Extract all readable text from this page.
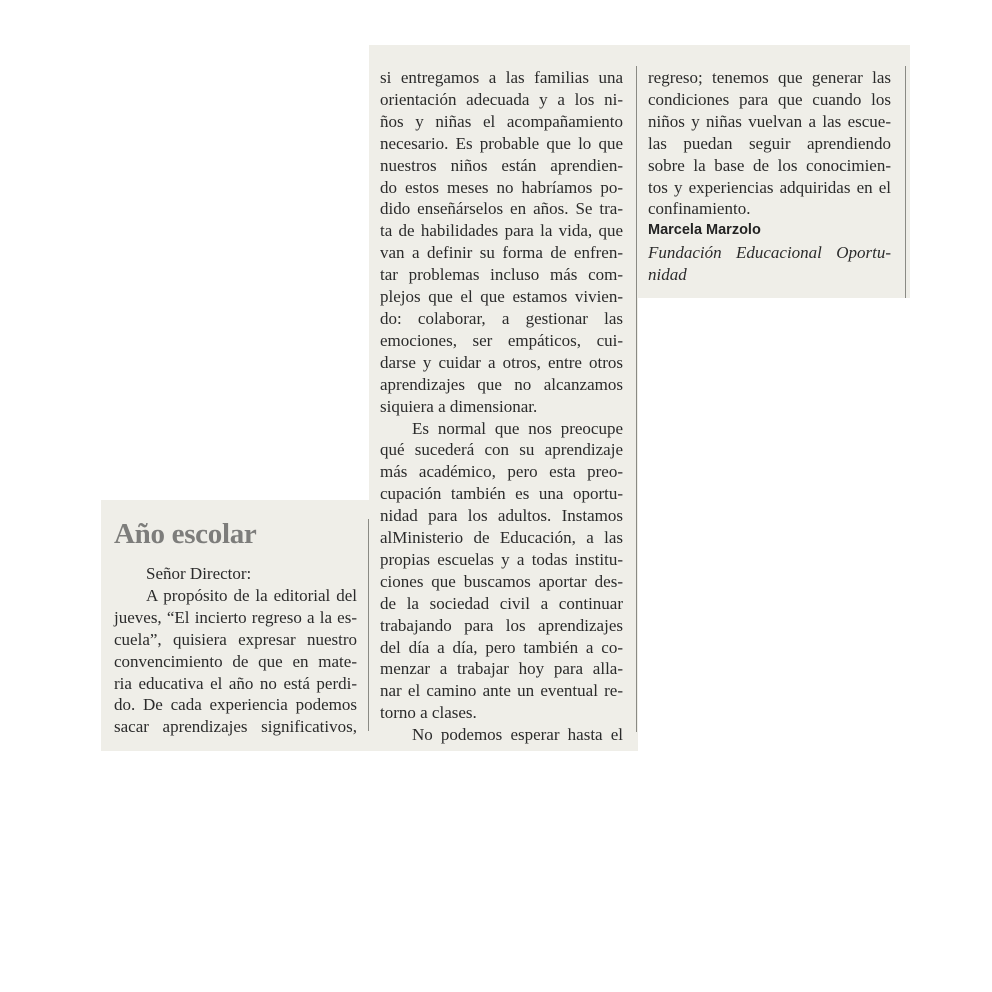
Año escolar
Señor Director:
A propósito de la editorial del
jueves, “El incierto regreso a la es-
cuela”, quisiera expresar nuestro
convencimiento de que en mate-
ria educativa el año no está perdi-
do. De cada experiencia podemos
sacar aprendizajes significativos,
si entregamos a las familias una
orientación adecuada y a los ni-
ños y niñas el acompañamiento
necesario. Es probable que lo que
nuestros niños están aprendien-
do estos meses no habríamos po-
dido enseñárselos en años. Se tra-
ta de habilidades para la vida, que
van a definir su forma de enfren-
tar problemas incluso más com-
plejos que el que estamos vivien-
do: colaborar, a gestionar las
emociones, ser empáticos, cui-
darse y cuidar a otros, entre otros
aprendizajes que no alcanzamos
siquiera a dimensionar.
Es normal que nos preocupe
qué sucederá con su aprendizaje
más académico, pero esta preo-
cupación también es una oportu-
nidad para los adultos. Instamos
alMinisterio de Educación, a las
propias escuelas y a todas institu-
ciones que buscamos aportar des-
de la sociedad civil a continuar
trabajando para los aprendizajes
del día a día, pero también a co-
menzar a trabajar hoy para alla-
nar el camino ante un eventual re-
torno a clases.
No podemos esperar hasta el
regreso; tenemos que generar las
condiciones para que cuando los
niños y niñas vuelvan a las escue-
las puedan seguir aprendiendo
sobre la base de los conocimien-
tos y experiencias adquiridas en el
confinamiento.
Marcela Marzolo
Fundación Educacional Oportu-
nidad
